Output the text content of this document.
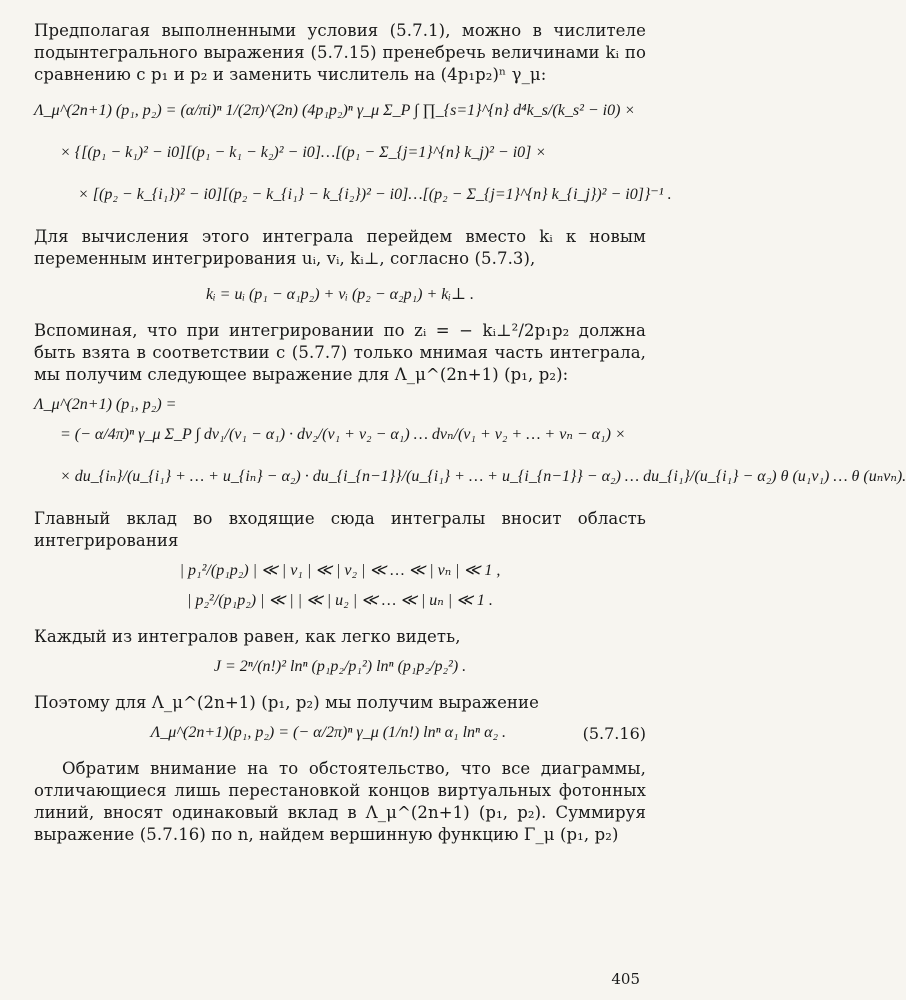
Предполагая выполненными условия (5.7.1), можно в числителе подынтегрального выражения (5.7.15) пренебречь величинами kᵢ по сравнению с p₁ и p₂ и заменить числитель на (4p₁p₂)ⁿ γ_μ:

Λ_μ^(2n+1) (p₁, p₂) = (α/πi)ⁿ 1/(2π)^(2n) (4p₁p₂)ⁿ γ_μ Σ_P ∫ ∏_{s=1}^{n} d⁴k_s/(k_s² − i0) ×

× {[(p₁ − k₁)² − i0][(p₁ − k₁ − k₂)² − i0]…[(p₁ − Σ_{j=1}^{n} k_j)² − i0] ×

× [(p₂ − k_{i₁})² − i0][(p₂ − k_{i₁} − k_{i₂})² − i0]…[(p₂ − Σ_{j=1}^{n} k_{i_j})² − i0]}⁻¹ .

Для вычисления этого интеграла перейдем вместо kᵢ к новым переменным интегрирования uᵢ, vᵢ, kᵢ⊥, согласно (5.7.3),

kᵢ = uᵢ (p₁ − α₁p₂) + vᵢ (p₂ − α₂p₁) + kᵢ⊥ .

Вспоминая, что при интегрировании по zᵢ = − kᵢ⊥²/2p₁p₂ должна быть взята в соответствии с (5.7.7) только мнимая часть интеграла, мы получим следующее выражение для Λ_μ^(2n+1) (p₁, p₂):

Λ_μ^(2n+1) (p₁, p₂) =

= (− α/4π)ⁿ γ_μ Σ_P ∫ dv₁/(v₁ − α₁) · dv₂/(v₁ + v₂ − α₁) … dvₙ/(v₁ + v₂ + … + vₙ − α₁) ×

× du_{iₙ}/(u_{i₁} + … + u_{iₙ} − α₂) · du_{i_{n−1}}/(u_{i₁} + … + u_{i_{n−1}} − α₂) … du_{i₁}/(u_{i₁} − α₂) θ (u₁v₁) … θ (uₙvₙ).

Главный вклад во входящие сюда интегралы вносит область интегрирования

| p₁²/(p₁p₂) | ≪ | v₁ | ≪ | v₂ | ≪ … ≪ | vₙ | ≪ 1 ,

| p₂²/(p₁p₂) | ≪ | | ≪ | u₂ | ≪ … ≪ | uₙ | ≪ 1 .

Каждый из интегралов равен, как легко видеть,

J = 2ⁿ/(n!)² lnⁿ (p₁p₂/p₁²) lnⁿ (p₁p₂/p₂²) .

Поэтому для Λ_μ^(2n+1) (p₁, p₂) мы получим выражение

Λ_μ^(2n+1)(p₁, p₂) = (− α/2π)ⁿ γ_μ (1/n!) lnⁿ α₁ lnⁿ α₂ .	(5.7.16)

Обратим внимание на то обстоятельство, что все диаграммы, отличающиеся лишь перестановкой концов виртуальных фотонных линий, вносят одинаковый вклад в Λ_μ^(2n+1) (p₁, p₂). Суммируя выражение (5.7.16) по n, найдем вершинную функцию Γ_μ (p₁, p₂)

405
